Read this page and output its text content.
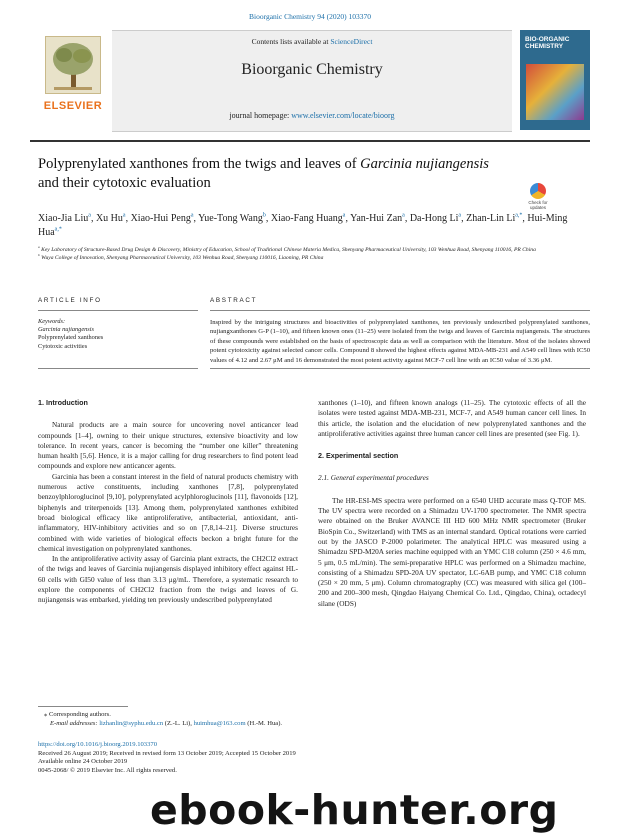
Bioorganic Chemistry 94 (2020) 103370
ELSEVIER
Contents lists available at ScienceDirect
Bioorganic Chemistry
journal homepage: www.elsevier.com/locate/bioorg
BIO-ORGANIC CHEMISTRY
Polyprenylated xanthones from the twigs and leaves of Garcinia nujiangensis and their cytotoxic evaluation
Check for updates
Xiao-Jia Liu$^a$, Xu Hu$^a$, Xiao-Hui Peng$^a$, Yue-Tong Wang$^b$, Xiao-Fang Huang$^a$, Yan-Hui Zan$^a$, Da-Hong Li$^a$, Zhan-Lin $Li^{a,*}$, Hui-Ming Hua$^{a,*}$
$^a$ Key Laboratory of Structure-Based Drug Design & Discovery, Ministry of Education, School of Traditional Chinese Materia Medica, Shenyang Pharmaceutical University, 103 Wenhua Road, Shenyang 110016, PR China
$^b$ Wuya College of Innovation, Shenyang Pharmaceutical University, 103 Wenhua Road, Shenyang 110016, Liaoning, PR China
ARTICLE INFO	ABSTRACT
Keywords:
Garcinia nujiangensis
Polyprenylated xanthones
Cytotoxic activities
Inspired by the intriguing structures and bioactivities of polyprenylated xanthones, ten previously undescribed polyprenylated xanthones, nujiangxanthones G-P (1–10), and fifteen known ones (11–25) were isolated from the twigs and leaves of Garcinia nujiangensis. The structures of these compounds were established on the basis of spectroscopic data as well as comparison with the literature. Most of the isolates showed potent cytotoxicity against selected cancer cells. Compound 8 showed the highest effects against MDA-MB-231 and A549 cell lines with IC50 values of 4.12 and 2.67 μM and 16 demonstrated the most potent activity against MCF-7 cell line with an IC50 value of 3.36 μM.

1. Introduction

Natural products are a main source for uncovering novel anticancer lead compounds [1–4], owning to their unique structures, extensive bioactivity and low tolerance. In recent years, cancer is becoming the “number one killer” threatening human health [5,6]. Hence, it is a major calling for drug researchers to find potent lead compounds and explore new anticancer agents.

Garcinia has been a constant interest in the field of natural products chemistry with numerous active constituents, including xanthones [7,8], polyprenylated benzoylphloroglucinol [9,10], polyprenylated acylphloroglucinols [11], flavonoids [12], biphenyls and triterpenoids [13]. Among them, polyprenylated xanthones exhibited broad biological efficacy like antiproliferative, antibacterial, antioxidant, anti-inflammatory, HIV-inhibitory activities and so on [7,8,14–21]. Diverse structures combined with wide varieties of biological effects beckon a bright future for the chemical investigation on polyprenylated xanthones.

In the antiproliferative activity assay of Garcinia plant extracts, the CH2Cl2 extract of the twigs and leaves of Garcinia nujiangensis displayed inhibitory effect against HL-60 cells with GI50 value of less than 3.13 μg/mL. Therefore, a systematic research to explore the components of CH2Cl2 fraction from the twigs and leaves of G. nujiangensis was embarked, yielding ten previously undescribed polyprenylated

xanthones (1–10), and fifteen known analogs (11–25). The cytotoxic effects of all the isolates were tested against MDA-MB-231, MCF-7, and A549 human cancer cell lines. In this article, the isolation and the elucidation of new polyprenylated xanthones and the antiproliferative activities against three human cancer cell lines are presented (see Fig. 1).

2. Experimental section

2.1. General experimental procedures

The HR-ESI-MS spectra were performed on a 6540 UHD accurate mass Q-TOF MS. The UV spectra were recorded on a Shimadzu UV-1700 spectrometer. The NMR spectra were obtained on the Bruker AVANCE III HD 600 MHz NMR spectrometer (Bruker BioSpin Co., Switzerland) with TMS as an internal standard. Optical rotations were carried out by the JASCO P-2000 polarimeter. The analytical HPLC was measured using a Shimadzu SPD-M20A series machine equipped with an YMC C18 column (250 × 4.6 mm, 5 μm, 0.5 mL/min). The semi-preparative HPLC was performed on a Shimadzu machine, consisting of a Shimadzu SPD-20A UV spectator, LC-6AB pump, and YMC C18 column (250 × 20 mm, 5 μm). Column chromatography (CC) was measured with silica gel (100–200 and 200–300 mesh, Qingdao Haiyang Chemical Co. Ltd., Qingdao, China), octadecyl silane (ODS)

⁎ Corresponding authors.
E-mail addresses: lizhanlin@syphu.edu.cn (Z.-L. Li), huimhua@163.com (H.-M. Hua).
https://doi.org/10.1016/j.bioorg.2019.103370
Received 26 August 2019; Received in revised form 13 October 2019; Accepted 15 October 2019
Available online 24 October 2019
0045-2068/ © 2019 Elsevier Inc. All rights reserved.
ebook-hunter.org
